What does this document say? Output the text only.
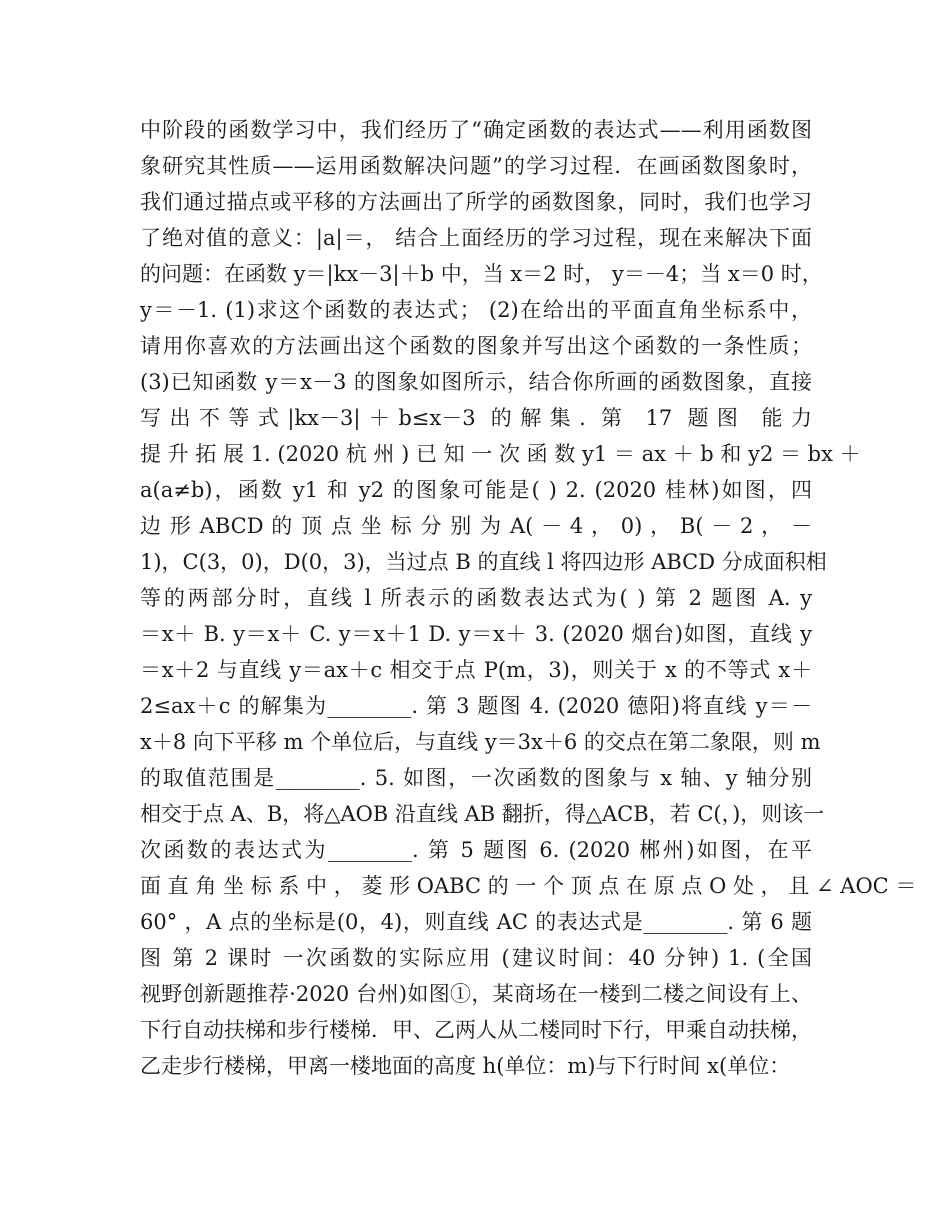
中阶段的函数学习中，我们经历了“确定函数的表达式——利用函数图
象研究其性质——运用函数解决问题”的学习过程．在画函数图象时，
我们通过描点或平移的方法画出了所学的函数图象，同时，我们也学习
了绝对值的意义：|a|＝， 结合上面经历的学习过程，现在来解决下面
的问题：在函数 y＝|kx－3|＋b 中，当 x＝2 时， y＝－4；当 x＝0 时，
y＝－1. (1)求这个函数的表达式； (2)在给出的平面直角坐标系中，
请用你喜欢的方法画出这个函数的图象并写出这个函数的一条性质；
(3)已知函数 y＝x－3 的图象如图所示，结合你所画的函数图象，直接
写出不等式|kx－3|＋b≤x－3 的解集. 第 17 题图 能力
提 升 拓 展 1. (2020 杭 州 ) 已 知 一 次 函 数 y1 ＝ ax ＋ b 和 y2 ＝ bx ＋
a(a≠b)，函数 y1 和 y2 的图象可能是( ) 2. (2020 桂林)如图，四
边 形 ABCD 的 顶 点 坐 标 分 别 为 A( － 4 ， 0) ， B( － 2 ， －
1)，C(3，0)，D(0，3)，当过点 B 的直线 l 将四边形 ABCD 分成面积相
等的两部分时，直线 l 所表示的函数表达式为( ) 第 2 题图 A. y
＝x＋ B. y＝x＋ C. y＝x＋1 D. y＝x＋ 3. (2020 烟台)如图，直线 y
＝x＋2 与直线 y＝ax＋c 相交于点 P(m，3)，则关于 x 的不等式 x＋
2≤ax＋c 的解集为________. 第 3 题图 4. (2020 德阳)将直线 y＝－
x＋8 向下平移 m 个单位后，与直线 y＝3x＋6 的交点在第二象限，则 m
的取值范围是________. 5. 如图，一次函数的图象与 x 轴、y 轴分别
相交于点 A、B，将△AOB 沿直线 AB 翻折，得△ACB，若 C(，)，则该一
次函数的表达式为________. 第 5 题图 6. (2020 郴州)如图，在平
面 直 角 坐 标 系 中 ， 菱 形 OABC 的 一 个 顶 点 在 原 点 O 处 ， 且 ∠ AOC ＝
60° ，A 点的坐标是(0，4)，则直线 AC 的表达式是________. 第 6 题
图 第 2 课时 一次函数的实际应用 (建议时间：40 分钟) 1. (全国
视野创新题推荐·2020 台州)如图①，某商场在一楼到二楼之间设有上、
下行自动扶梯和步行楼梯．甲、乙两人从二楼同时下行，甲乘自动扶梯，
乙走步行楼梯，甲离一楼地面的高度 h(单位：m)与下行时间 x(单位：
